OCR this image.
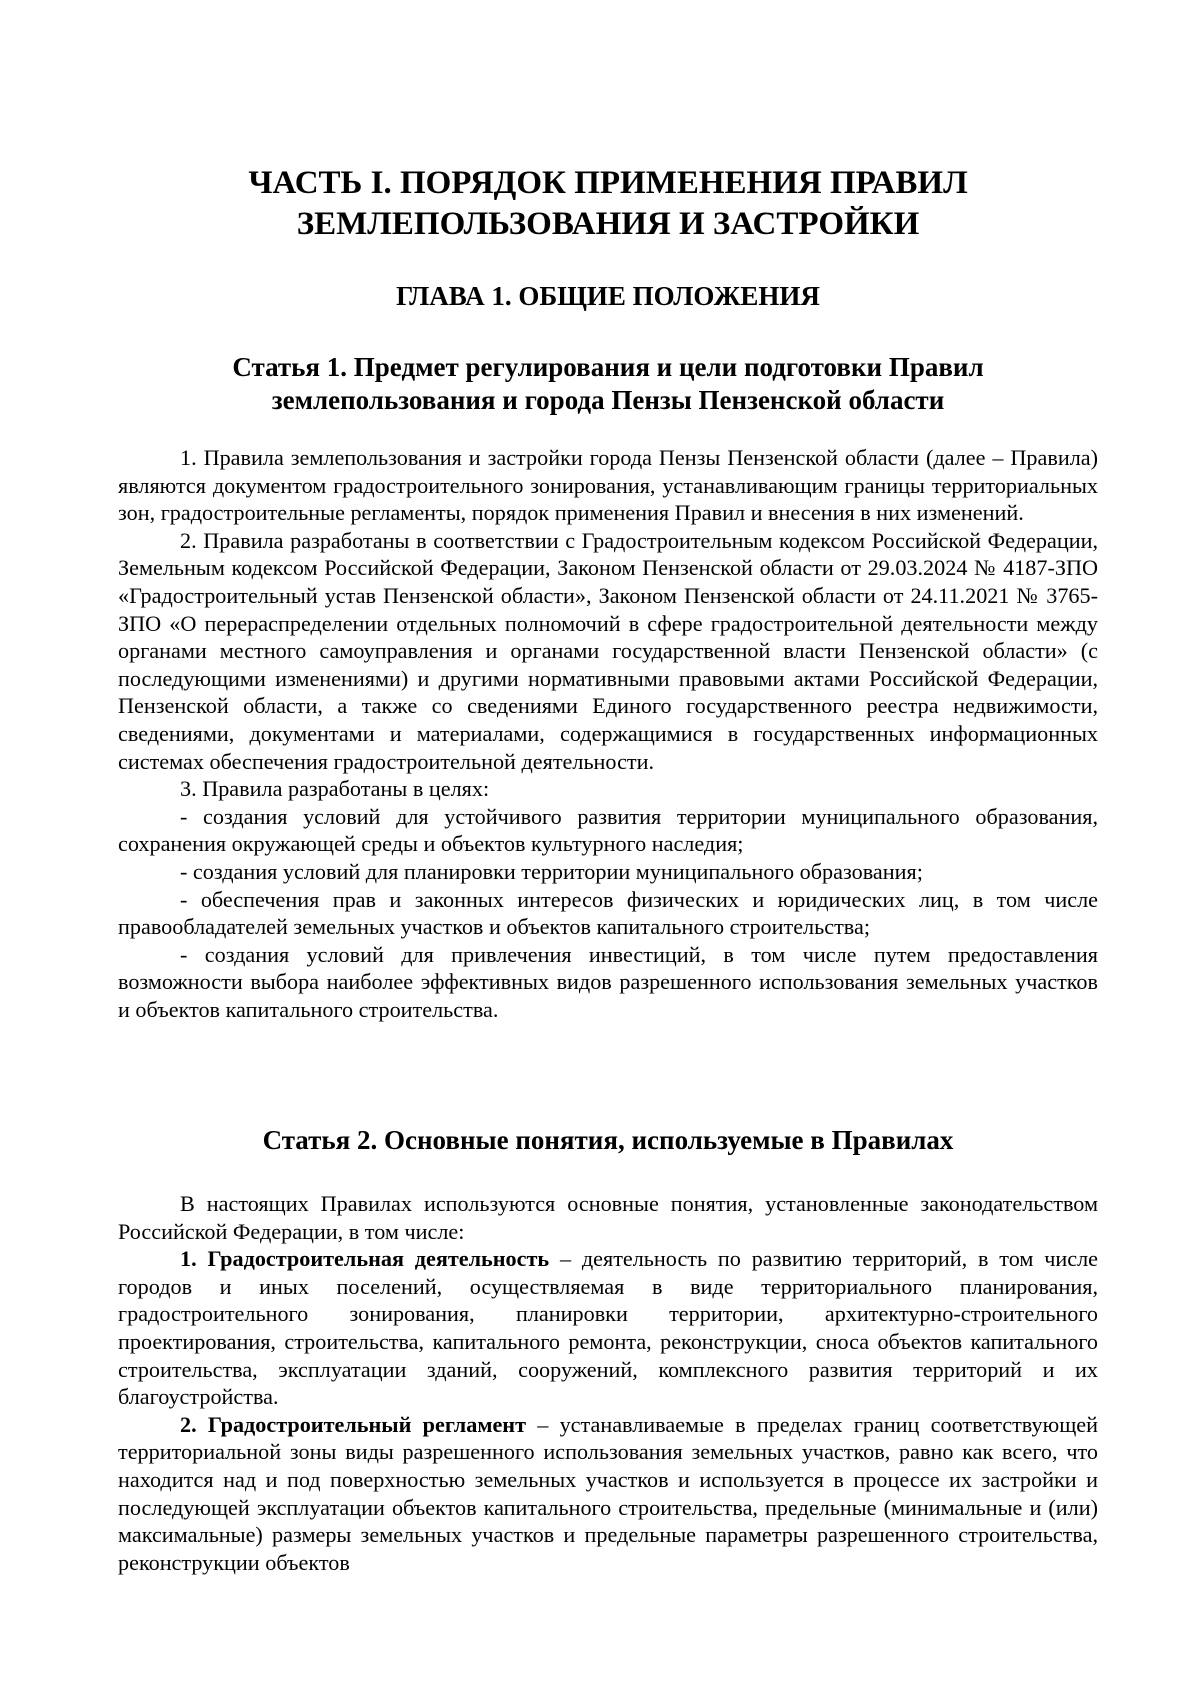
ЧАСТЬ I. ПОРЯДОК ПРИМЕНЕНИЯ ПРАВИЛ ЗЕМЛЕПОЛЬЗОВАНИЯ И ЗАСТРОЙКИ
ГЛАВА 1. ОБЩИЕ ПОЛОЖЕНИЯ
Статья 1. Предмет регулирования и цели подготовки Правил землепользования и города Пензы Пензенской области

1. Правила землепользования и застройки города Пензы Пензенской области (далее – Правила) являются документом градостроительного зонирования, устанавливающим границы территориальных зон, градостроительные регламенты, порядок применения Правил и внесения в них изменений.

2. Правила разработаны в соответствии с Градостроительным кодексом Российской Федерации, Земельным кодексом Российской Федерации, Законом Пензенской области от 29.03.2024 № 4187-ЗПО «Градостроительный устав Пензенской области», Законом Пензенской области от 24.11.2021 № 3765-ЗПО «О перераспределении отдельных полномочий в сфере градостроительной деятельности между органами местного самоуправления и органами государственной власти Пензенской области» (с последующими изменениями) и другими нормативными правовыми актами Российской Федерации, Пензенской области, а также со сведениями Единого государственного реестра недвижимости, сведениями, документами и материалами, содержащимися в государственных информационных системах обеспечения градостроительной деятельности.

3. Правила разработаны в целях:

- создания условий для устойчивого развития территории муниципального образования, сохранения окружающей среды и объектов культурного наследия;

- создания условий для планировки территории муниципального образования;

- обеспечения прав и законных интересов физических и юридических лиц, в том числе правообладателей земельных участков и объектов капитального строительства;

- создания условий для привлечения инвестиций, в том числе путем предоставления возможности выбора наиболее эффективных видов разрешенного использования земельных участков и объектов капитального строительства.

Статья 2. Основные понятия, используемые в Правилах

В настоящих Правилах используются основные понятия, установленные законодательством Российской Федерации, в том числе:

1. Градостроительная деятельность – деятельность по развитию территорий, в том числе городов и иных поселений, осуществляемая в виде территориального планирования, градостроительного зонирования, планировки территории, архитектурно-строительного проектирования, строительства, капитального ремонта, реконструкции, сноса объектов капитального строительства, эксплуатации зданий, сооружений, комплексного развития территорий и их благоустройства.

2. Градостроительный регламент – устанавливаемые в пределах границ соответствующей территориальной зоны виды разрешенного использования земельных участков, равно как всего, что находится над и под поверхностью земельных участков и используется в процессе их застройки и последующей эксплуатации объектов капитального строительства, предельные (минимальные и (или) максимальные) размеры земельных участков и предельные параметры разрешенного строительства, реконструкции объектов
